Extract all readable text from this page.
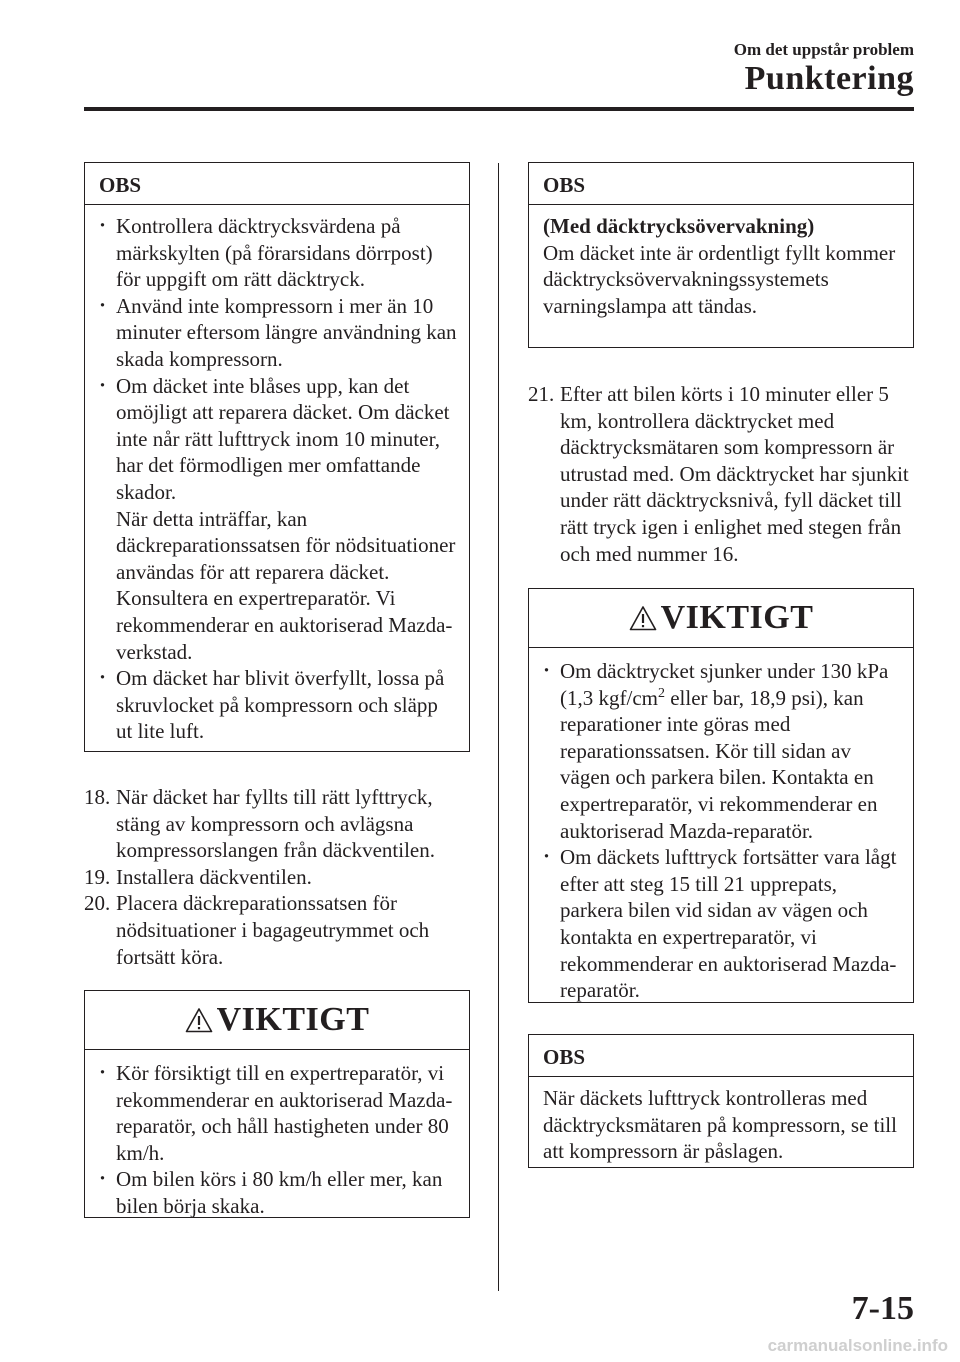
Om det uppstår problem
Punktering
OBS
· Kontrollera däcktrycksvärdena på märkskylten (på förarsidans dörrpost) för uppgift om rätt däcktryck.
· Använd inte kompressorn i mer än 10 minuter eftersom längre användning kan skada kompressorn.
· Om däcket inte blåses upp, kan det omöjligt att reparera däcket. Om däcket inte når rätt lufttryck inom 10 minuter, har det förmodligen mer omfattande skador.
När detta inträffar, kan däckreparationssatsen för nödsituationer användas för att reparera däcket. Konsultera en expertreparatör. Vi rekommenderar en auktoriserad Mazda-verkstad.
· Om däcket har blivit överfyllt, lossa på skruvlocket på kompressorn och släpp ut lite luft.
18. När däcket har fyllts till rätt lyfttryck, stäng av kompressorn och avlägsna kompressorslangen från däckventilen.
19. Installera däckventilen.
20. Placera däckreparationssatsen för nödsituationer i bagageutrymmet och fortsätt köra.
VIKTIGT
· Kör försiktigt till en expertreparatör, vi rekommenderar en auktoriserad Mazda-reparatör, och håll hastigheten under 80 km/h.
· Om bilen körs i 80 km/h eller mer, kan bilen börja skaka.
OBS
(Med däcktrycksövervakning)
Om däcket inte är ordentligt fyllt kommer däcktrycksövervakningssystemets varningslampa att tändas.
21. Efter att bilen körts i 10 minuter eller 5 km, kontrollera däcktrycket med däcktrycksmätaren som kompressorn är utrustad med. Om däcktrycket har sjunkit under rätt däcktrycksnivå, fyll däcket till rätt tryck igen i enlighet med stegen från och med nummer 16.
VIKTIGT
· Om däcktrycket sjunker under 130 kPa (1,3 kgf/$cm^2$ eller bar, 18,9 psi), kan reparationer inte göras med reparationssatsen. Kör till sidan av vägen och parkera bilen. Kontakta en expertreparatör, vi rekommenderar en auktoriserad Mazda-reparatör.
· Om däckets lufttryck fortsätter vara lågt efter att steg 15 till 21 upprepats, parkera bilen vid sidan av vägen och kontakta en expertreparatör, vi rekommenderar en auktoriserad Mazda-reparatör.
OBS
När däckets lufttryck kontrolleras med däcktrycksmätaren på kompressorn, se till att kompressorn är påslagen.
7-15
carmanualsonline.info
